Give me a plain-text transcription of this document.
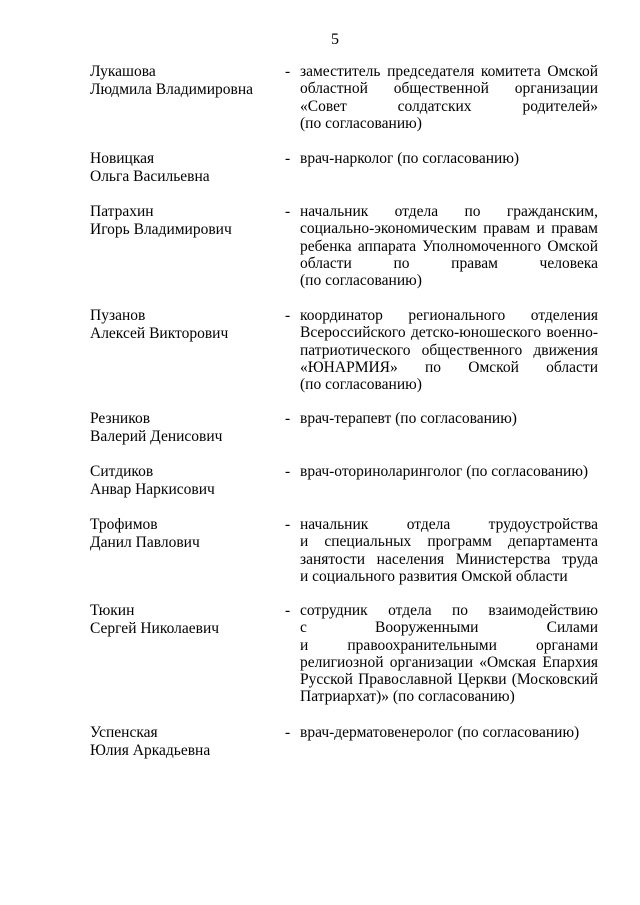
5
Лукашова
Людмила Владимировна
- заместитель председателя комитета Омской
областной общественной организации
«Совет солдатских родителей»
(по согласованию)
Новицкая
Ольга Васильевна
- врач-нарколог (по согласованию)
Патрахин
Игорь Владимирович
- начальник отдела по гражданским,
социально-экономическим правам и правам
ребенка аппарата Уполномоченного Омской
области по правам человека
(по согласованию)
Пузанов
Алексей Викторович
- координатор регионального отделения
Всероссийского детско-юношеского военно-
патриотического общественного движения
«ЮНАРМИЯ» по Омской области
(по согласованию)
Резников
Валерий Денисович
- врач-терапевт (по согласованию)
Ситдиков
Анвар Наркисович
- врач-оториноларинголог (по согласованию)
Трофимов
Данил Павлович
- начальник отдела трудоустройства
и специальных программ департамента
занятости населения Министерства труда
и социального развития Омской области
Тюкин
Сергей Николаевич
- сотрудник отдела по взаимодействию
с Вооруженными Силами
и правоохранительными органами
религиозной организации «Омская Епархия
Русской Православной Церкви (Московский
Патриархат)» (по согласованию)
Успенская
Юлия Аркадьевна
- врач-дерматовенеролог (по согласованию)
